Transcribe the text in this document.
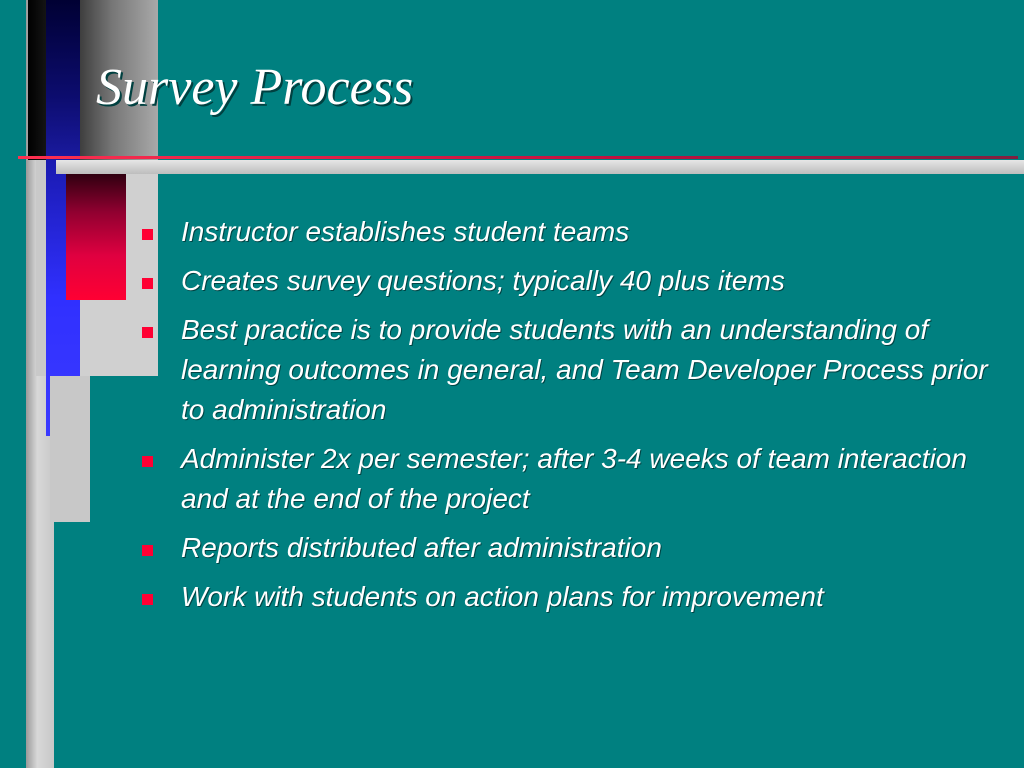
Survey Process
Instructor establishes student teams
Creates survey questions; typically 40 plus items
Best practice is to provide students with an understanding of learning outcomes in general, and Team Developer Process prior to administration
Administer 2x per semester; after 3-4 weeks of team interaction and at the end of the project
Reports distributed after administration
Work with students on action plans for improvement
